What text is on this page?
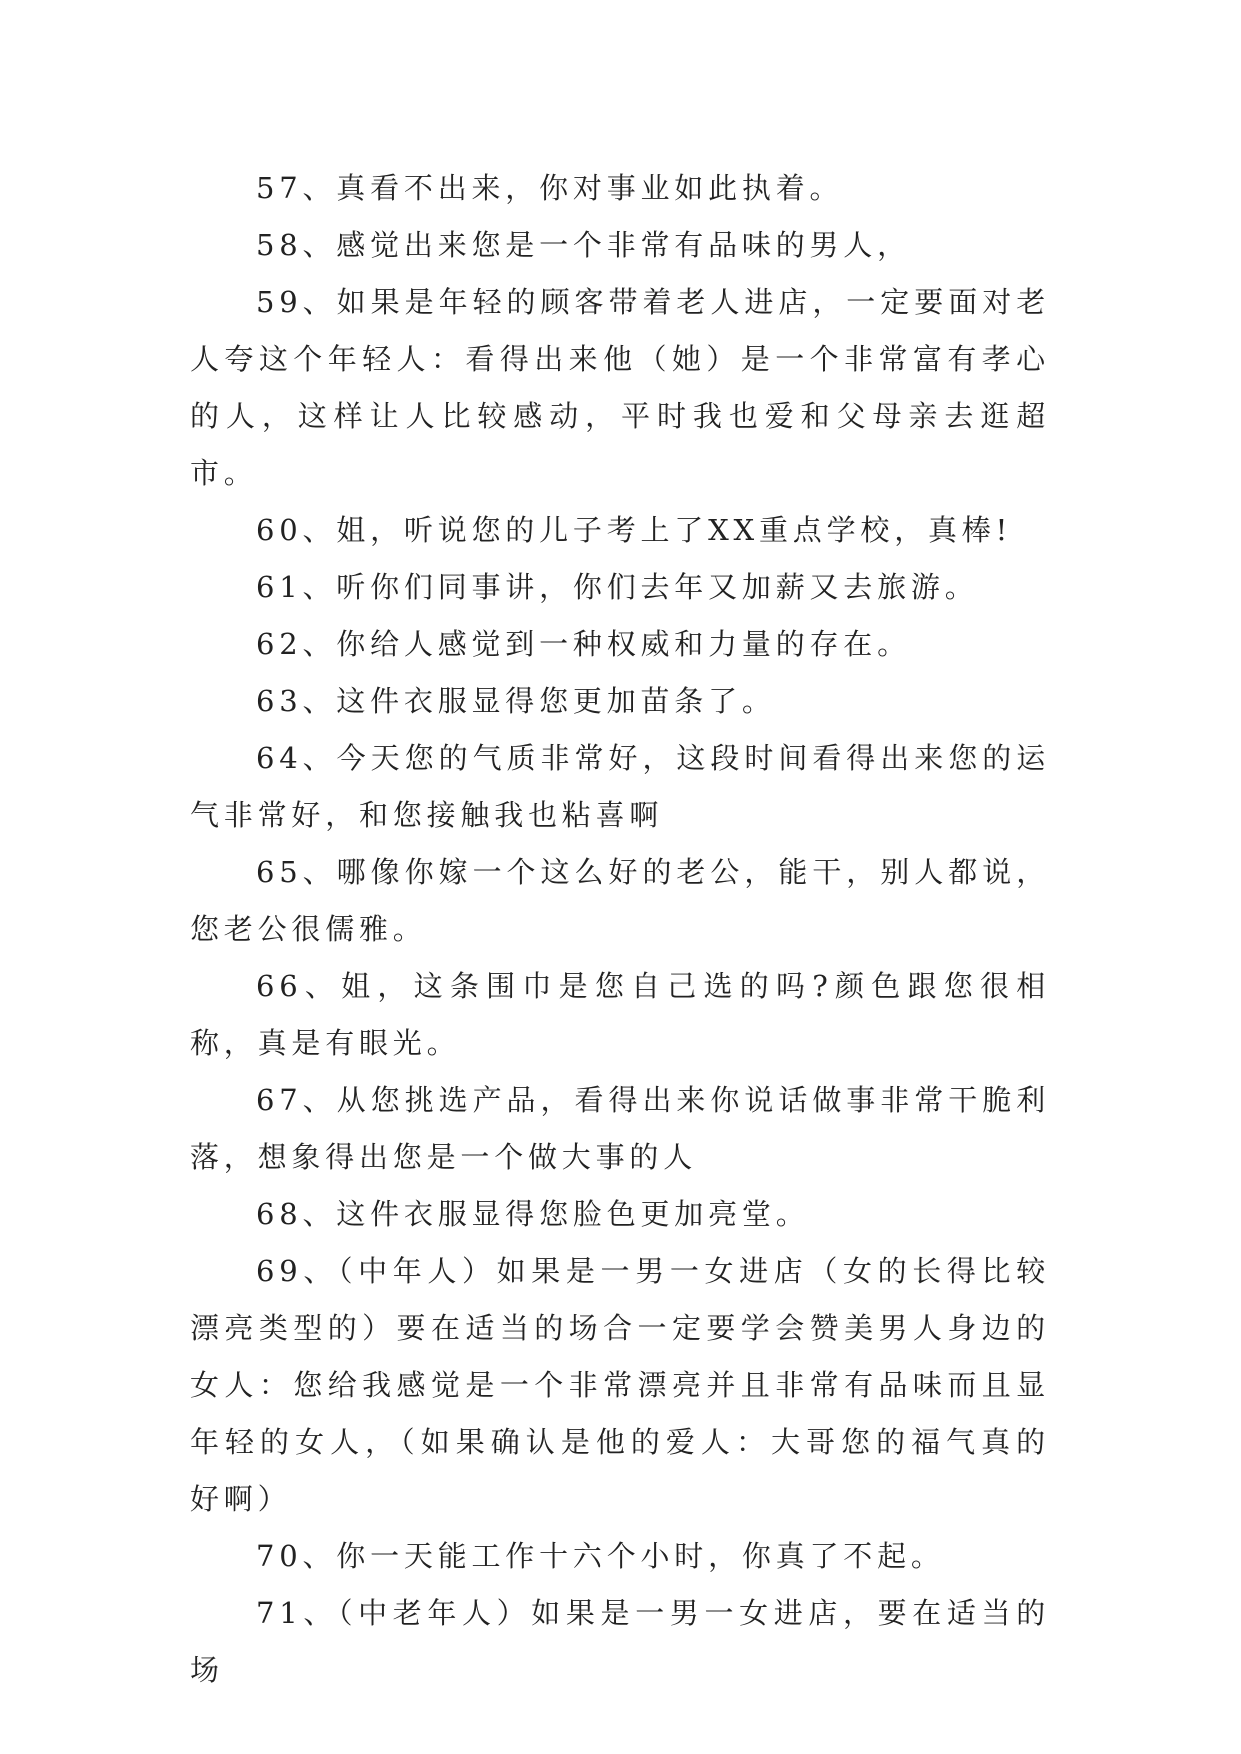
57、真看不出来，你对事业如此执着。

58、感觉出来您是一个非常有品味的男人，

59、如果是年轻的顾客带着老人进店，一定要面对老人夸这个年轻人：看得出来他（她）是一个非常富有孝心的人，这样让人比较感动，平时我也爱和父母亲去逛超市。

60、姐，听说您的儿子考上了XX重点学校，真棒!

61、听你们同事讲，你们去年又加薪又去旅游。

62、你给人感觉到一种权威和力量的存在。

63、这件衣服显得您更加苗条了。

64、今天您的气质非常好，这段时间看得出来您的运气非常好，和您接触我也粘喜啊

65、哪像你嫁一个这么好的老公，能干，别人都说，您老公很儒雅。

66、姐，这条围巾是您自己选的吗?颜色跟您很相称，真是有眼光。

67、从您挑选产品，看得出来你说话做事非常干脆利落，想象得出您是一个做大事的人

68、这件衣服显得您脸色更加亮堂。

69、（中年人）如果是一男一女进店（女的长得比较漂亮类型的）要在适当的场合一定要学会赞美男人身边的女人：您给我感觉是一个非常漂亮并且非常有品味而且显年轻的女人，（如果确认是他的爱人：大哥您的福气真的好啊）

70、你一天能工作十六个小时，你真了不起。

71、（中老年人）如果是一男一女进店，要在适当的场
